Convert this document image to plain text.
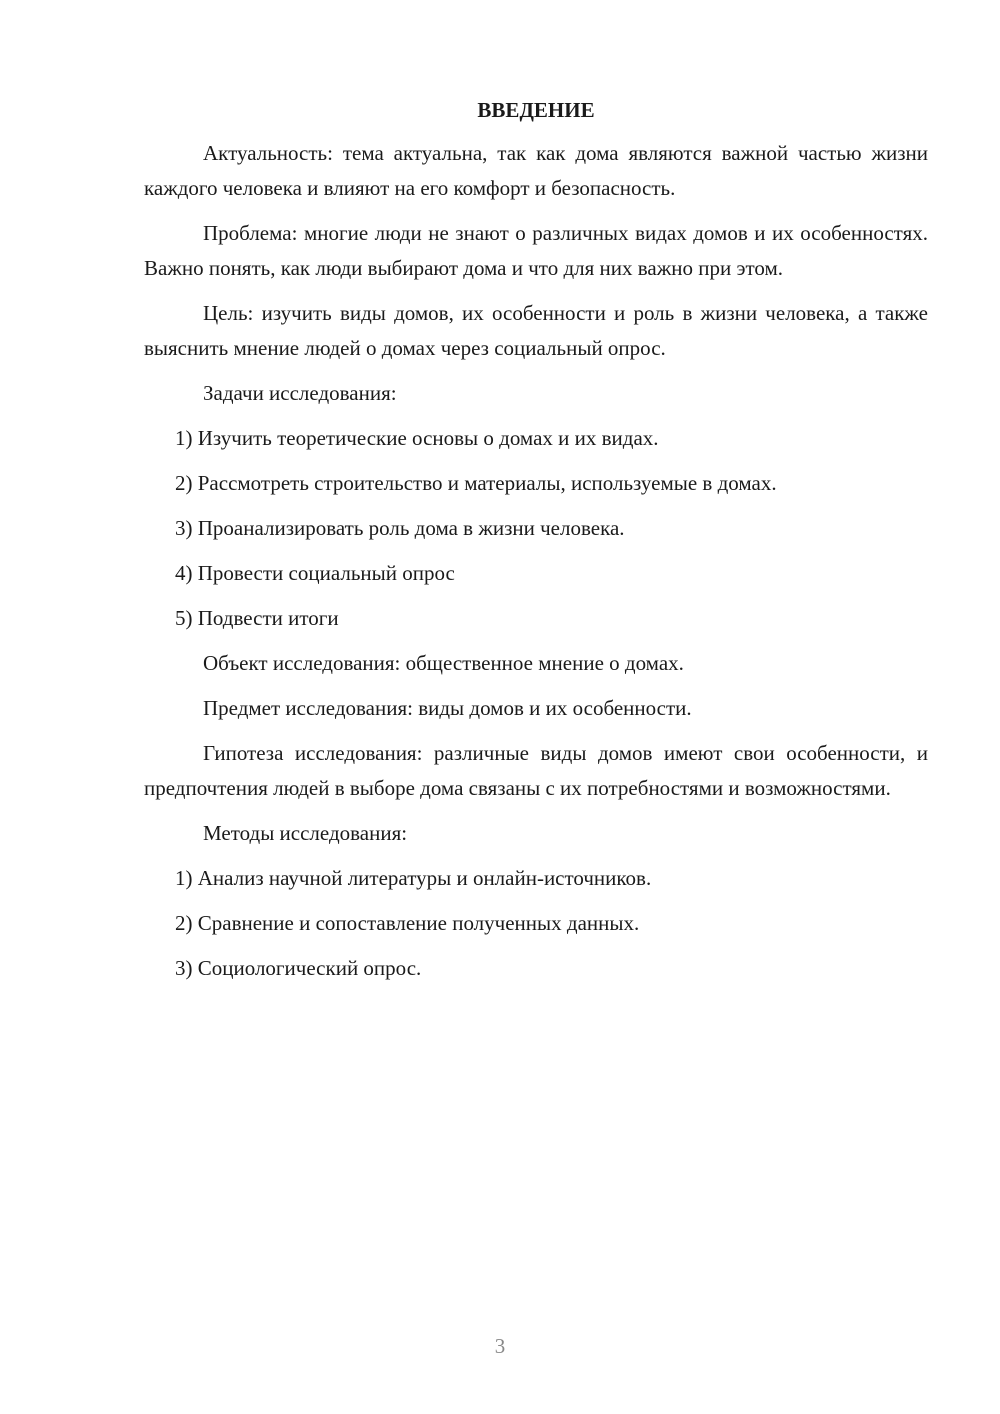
ВВЕДЕНИЕ

Актуальность: тема актуальна, так как дома являются важной частью жизни каждого человека и влияют на его комфорт и безопасность.

Проблема: многие люди не знают о различных видах домов и их особенностях. Важно понять, как люди выбирают дома и что для них важно при этом.

Цель: изучить виды домов, их особенности и роль в жизни человека, а также выяснить мнение людей о домах через социальный опрос.

Задачи исследования:
1) Изучить теоретические основы о домах и их видах.
2) Рассмотреть строительство и материалы, используемые в домах.
3) Проанализировать роль дома в жизни человека.
4) Провести социальный опрос
5) Подвести итоги
Объект исследования: общественное мнение о домах.
Предмет исследования: виды домов и их особенности.

Гипотеза исследования: различные виды домов имеют свои особенности, и предпочтения людей в выборе дома связаны с их потребностями и возможностями.

Методы исследования:
1) Анализ научной литературы и онлайн-источников.
2) Сравнение и сопоставление полученных данных.
3) Социологический опрос.
3
